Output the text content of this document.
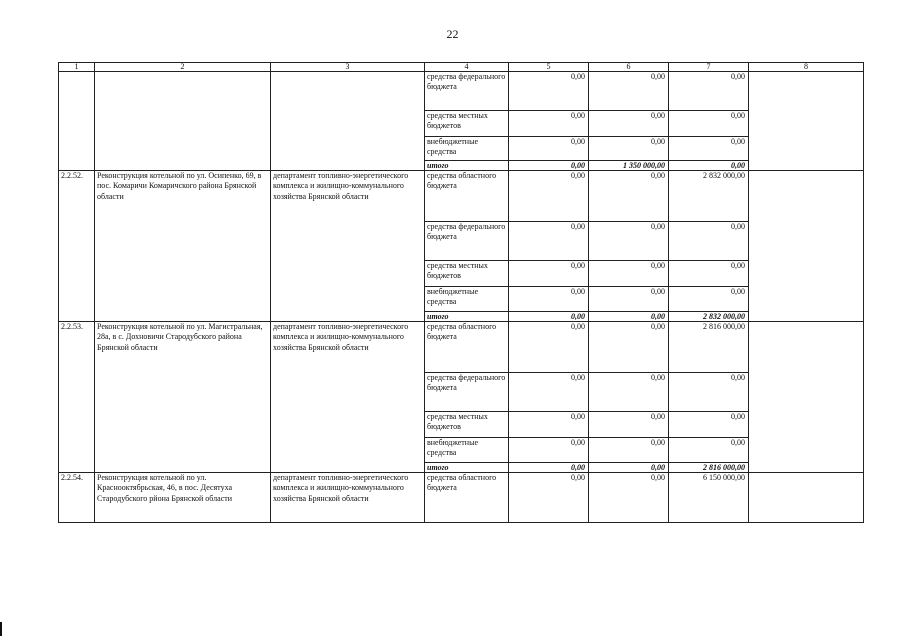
22
1	2	3	4	5	6	7	8
			средства федерального бюджета	0,00	0,00	0,00	
			средства местных бюджетов	0,00	0,00	0,00	
			внебюджетные средства	0,00	0,00	0,00	
			итого	0,00	1 350 000,00	0,00	
2.2.52.	Реконструкция котельной по ул. Осипенко, 69, в пос. Комаричи Комаричского района Брянской области	департамент топливно-энергетического комплекса и жилищно-коммунального хозяйства Брянской области	средства областного бюджета	0,00	0,00	2 832 000,00	
			средства федерального бюджета	0,00	0,00	0,00	
			средства местных бюджетов	0,00	0,00	0,00	
			внебюджетные средства	0,00	0,00	0,00	
			итого	0,00	0,00	2 832 000,00	
2.2.53.	Реконструкция котельной по ул. Магистральная, 28а, в с. Дохновичи Стародубского района Брянской области	департамент топливно-энергетического комплекса и жилищно-коммунального хозяйства Брянской области	средства областного бюджета	0,00	0,00	2 816 000,00	
			средства федерального бюджета	0,00	0,00	0,00	
			средства местных бюджетов	0,00	0,00	0,00	
			внебюджетные средства	0,00	0,00	0,00	
			итого	0,00	0,00	2 816 000,00	
2.2.54.	Реконструкция котельной по ул. Краснооктябрьская, 46, в пос. Десятуха Стародубского рйона Брянской области	департамент топливно-энергетического комплекса и жилищно-коммунального хозяйства Брянской области	средства областного бюджета	0,00	0,00	6 150 000,00	
